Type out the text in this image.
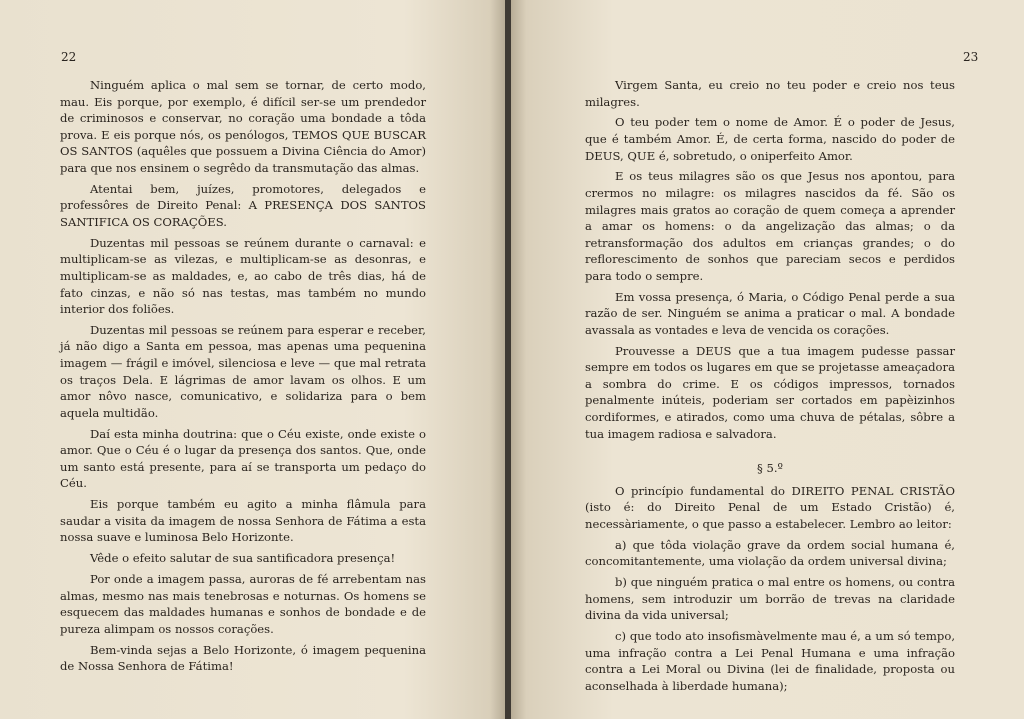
22

Ninguém aplica o mal sem se tornar, de certo modo, mau. Eis porque, por exemplo, é difícil ser-se um prendedor de criminosos e conservar, no coração uma bondade a tôda prova. E eis porque nós, os penólogos, TEMOS QUE BUSCAR OS SANTOS (aquêles que possuem a Divina Ciência do Amor) para que nos ensinem o segrêdo da transmutação das almas.

Atentai bem, juízes, promotores, delegados e professôres de Direito Penal: A PRESENÇA DOS SANTOS SANTIFICA OS CORAÇÕES.

Duzentas mil pessoas se reúnem durante o carnaval: e multiplicam-se as vilezas, e multiplicam-se as desonras, e multiplicam-se as maldades, e, ao cabo de três dias, há de fato cinzas, e não só nas testas, mas também no mundo interior dos foliões.

Duzentas mil pessoas se reúnem para esperar e receber, já não digo a Santa em pessoa, mas apenas uma pequenina imagem — frágil e imóvel, silenciosa e leve — que mal retrata os traços Dela. E lágrimas de amor lavam os olhos. E um amor nôvo nasce, comunicativo, e solidariza para o bem aquela multidão.

Daí esta minha doutrina: que o Céu existe, onde existe o amor. Que o Céu é o lugar da presença dos santos. Que, onde um santo está presente, para aí se transporta um pedaço do Céu.

Eis porque também eu agito a minha flâmula para saudar a visita da imagem de nossa Senhora de Fátima a esta nossa suave e luminosa Belo Horizonte.

Vêde o efeito salutar de sua santificadora presença!

Por onde a imagem passa, auroras de fé arrebentam nas almas, mesmo nas mais tenebrosas e noturnas. Os homens se esquecem das maldades humanas e sonhos de bondade e de pureza alimpam os nossos corações.

Bem-vinda sejas a Belo Horizonte, ó imagem pequenina de Nossa Senhora de Fátima!

23

Virgem Santa, eu creio no teu poder e creio nos teus milagres.

O teu poder tem o nome de Amor. É o poder de Jesus, que é também Amor. É, de certa forma, nascido do poder de DEUS, QUE é, sobretudo, o oniperfeito Amor.

E os teus milagres são os que Jesus nos apontou, para crermos no milagre: os milagres nascidos da fé. São os milagres mais gratos ao coração de quem começa a aprender a amar os homens: o da angelização das almas; o da retransformação dos adultos em crianças grandes; o do reflorescimento de sonhos que pareciam secos e perdidos para todo o sempre.

Em vossa presença, ó Maria, o Código Penal perde a sua razão de ser. Ninguém se anima a praticar o mal. A bondade avassala as vontades e leva de vencida os corações.

Prouvesse a DEUS que a tua imagem pudesse passar sempre em todos os lugares em que se projetasse ameaçadora a sombra do crime. E os códigos impressos, tornados penalmente inúteis, poderiam ser cortados em papèizinhos cordiformes, e atirados, como uma chuva de pétalas, sôbre a tua imagem radiosa e salvadora.

§ 5.º

O princípio fundamental do DIREITO PENAL CRISTÃO (isto é: do Direito Penal de um Estado Cristão) é, necessàriamente, o que passo a estabelecer. Lembro ao leitor:

a) que tôda violação grave da ordem social humana é, concomitantemente, uma violação da ordem universal divina;

b) que ninguém pratica o mal entre os homens, ou contra homens, sem introduzir um borrão de trevas na claridade divina da vida universal;

c) que todo ato insofismàvelmente mau é, a um só tempo, uma infração contra a Lei Penal Humana e uma infração contra a Lei Moral ou Divina (lei de finalidade, proposta ou aconselhada à liberdade humana);
